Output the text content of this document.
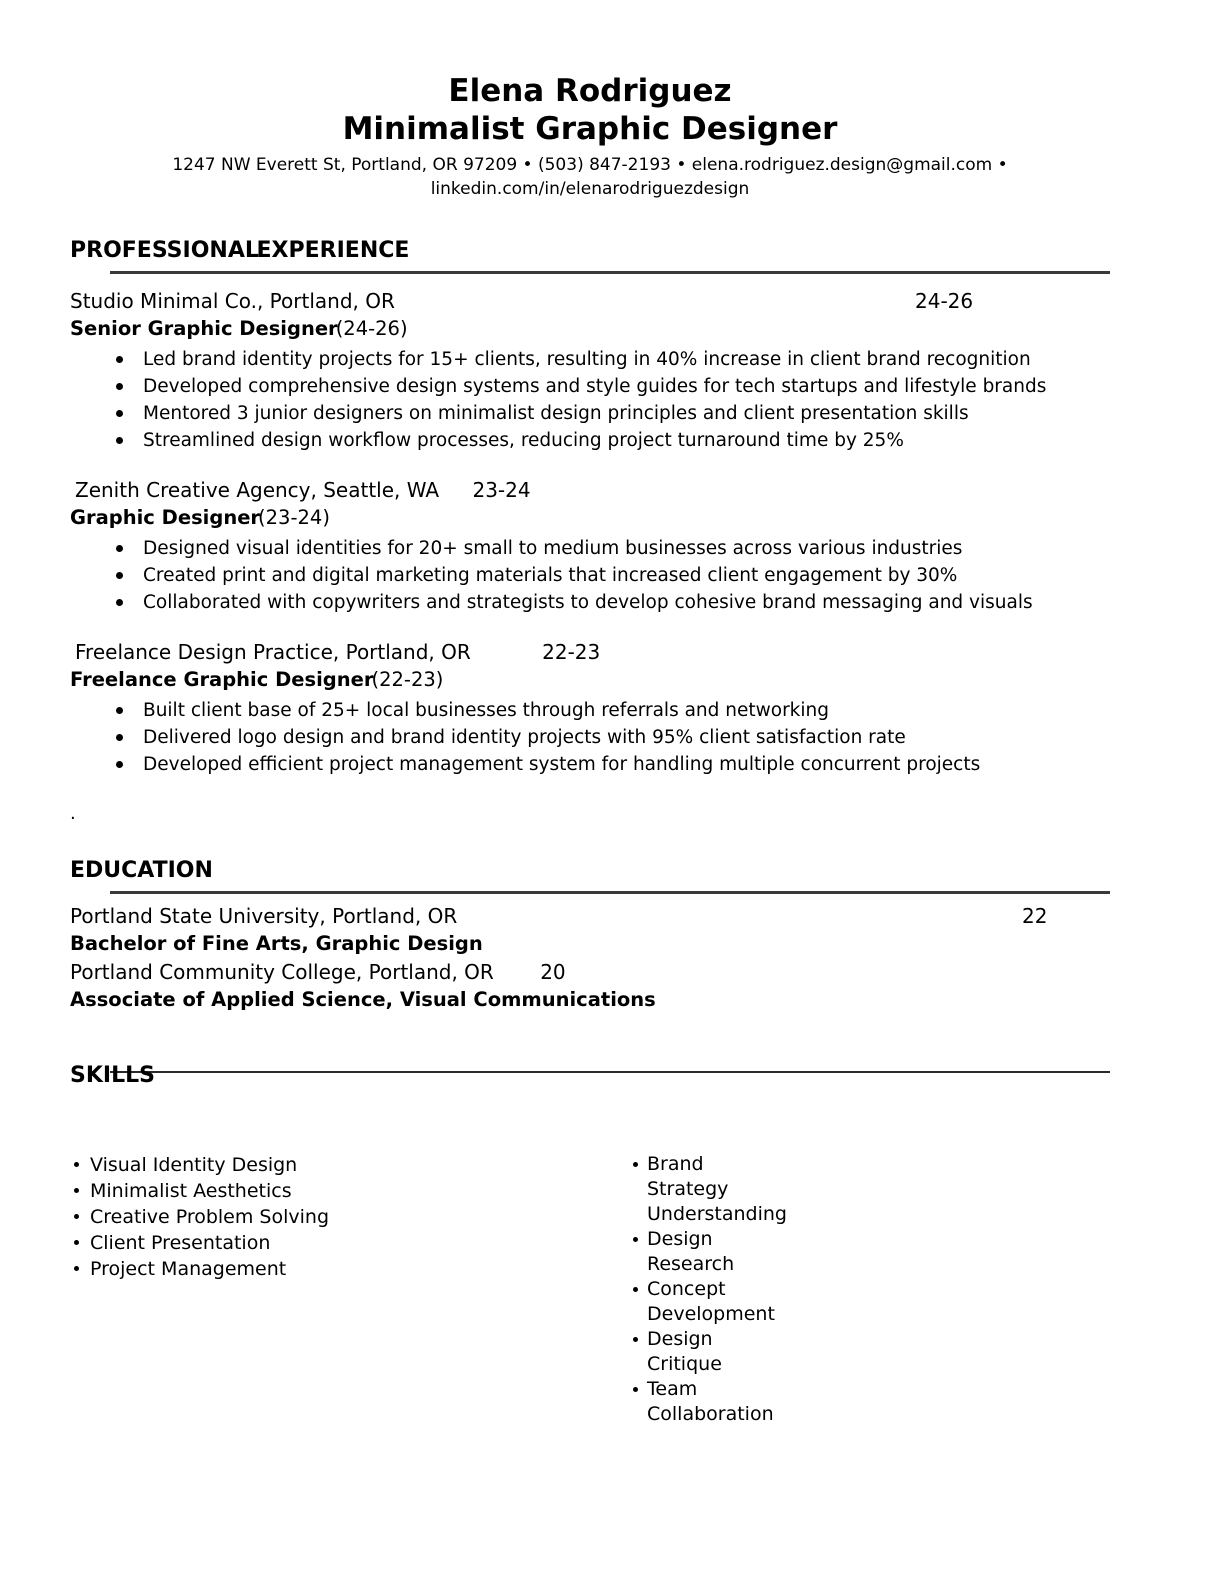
Elena Rodriguez
Minimalist Graphic Designer
1247 NW Everett St, Portland, OR 97209 • (503) 847-2193 • elena.rodriguez.design@gmail.com •
linkedin.com/in/elenarodriguezdesign
PROFESSIONAL EXPERIENCE
Studio Minimal Co., Portland, OR	24-26
Senior Graphic Designer(24-26)
Led brand identity projects for 15+ clients, resulting in 40% increase in client brand recognition
Developed comprehensive design systems and style guides for tech startups and lifestyle brands
Mentored 3 junior designers on minimalist design principles and client presentation skills
Streamlined design workflow processes, reducing project turnaround time by 25%
Zenith Creative Agency, Seattle, WA 23-24
Graphic Designer(23-24)
Designed visual identities for 20+ small to medium businesses across various industries
Created print and digital marketing materials that increased client engagement by 30%
Collaborated with copywriters and strategists to develop cohesive brand messaging and visuals
Freelance Design Practice, Portland, OR	22-23
Freelance Graphic Designer(22-23)
Built client base of 25+ local businesses through referrals and networking
Delivered logo design and brand identity projects with 95% client satisfaction rate
Developed efficient project management system for handling multiple concurrent projects
.
EDUCATION
Portland State University, Portland, OR	22
Bachelor of Fine Arts, Graphic Design
Portland Community College, Portland, OR 20
Associate of Applied Science, Visual Communications
SKILLS
Visual Identity Design
Minimalist Aesthetics
Creative Problem Solving
Client Presentation
Project Management
Brand Strategy Understanding
Design Research
Concept Development
Design Critique
Team Collaboration
